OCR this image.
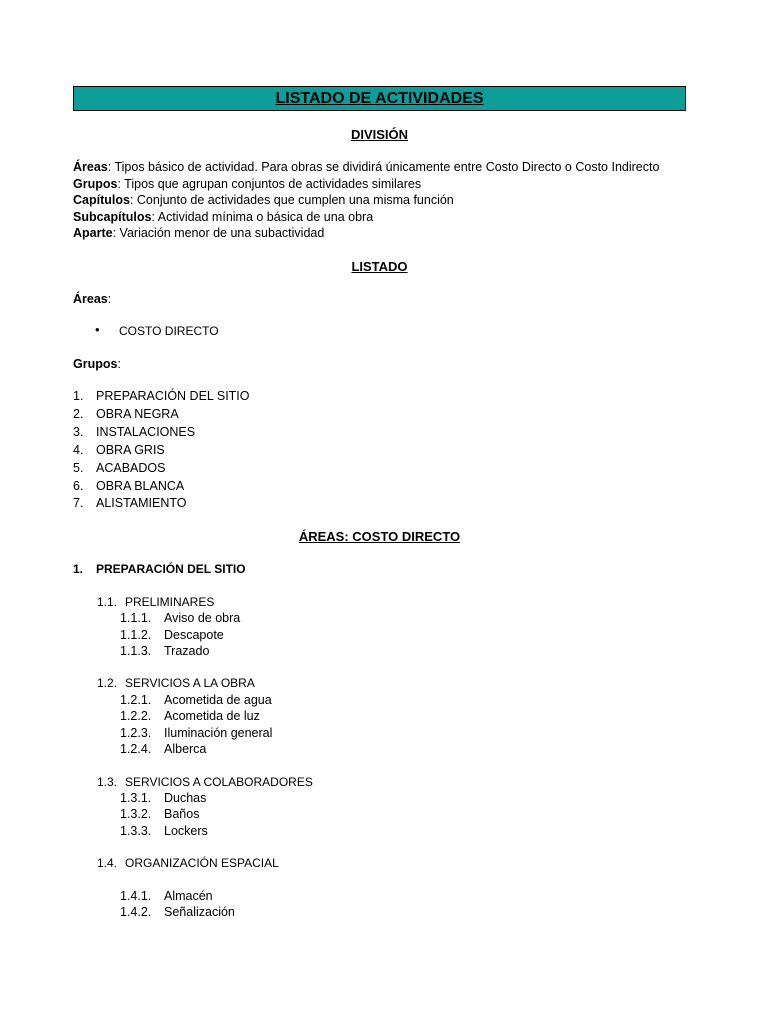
LISTADO DE ACTIVIDADES
DIVISIÓN
Áreas: Tipos básico de actividad. Para obras se dividirá únicamente entre Costo Directo o Costo Indirecto
Grupos: Tipos que agrupan conjuntos de actividades similares
Capítulos: Conjunto de actividades que cumplen una misma función
Subcapítulos: Actividad mínima o básica de una obra
Aparte: Variación menor de una subactividad
LISTADO
Áreas:
• COSTO DIRECTO
Grupos:
1.	PREPARACIÓN DEL SITIO
2.	OBRA NEGRA
3.	INSTALACIONES
4.	OBRA GRIS
5.	ACABADOS
6.	OBRA BLANCA
7.	ALISTAMIENTO
ÁREAS: COSTO DIRECTO
1.	PREPARACIÓN DEL SITIO
1.1. PRELIMINARES
1.1.1.	Aviso de obra
1.1.2.	Descapote
1.1.3.	Trazado
1.2. SERVICIOS A LA OBRA
1.2.1.	Acometida de agua
1.2.2.	Acometida de luz
1.2.3.	Iluminación general
1.2.4.	Alberca
1.3. SERVICIOS A COLABORADORES
1.3.1.	Duchas
1.3.2.	Baños
1.3.3.	Lockers
1.4. ORGANIZACIÓN ESPACIAL
1.4.1.	Almacén
1.4.2.	Señalización
